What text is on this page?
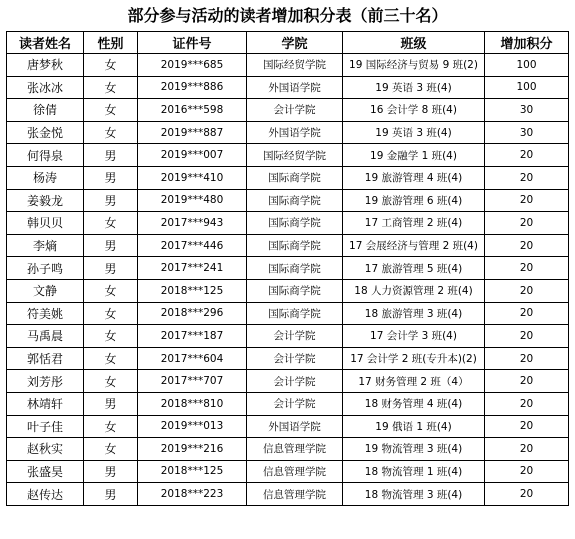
部分参与活动的读者增加积分表（前三十名）
读者姓名	性别	证件号	学院	班级	增加积分
唐梦秋	女	2019***685	国际经贸学院	19 国际经济与贸易 9 班(2)	100
张冰冰	女	2019***886	外国语学院	19 英语 3 班(4)	100
徐倩	女	2016***598	会计学院	16 会计学 8 班(4)	30
张金悦	女	2019***887	外国语学院	19 英语 3 班(4)	30
何得泉	男	2019***007	国际经贸学院	19 金融学 1 班(4)	20
杨涛	男	2019***410	国际商学院	19 旅游管理 4 班(4)	20
姜毅龙	男	2019***480	国际商学院	19 旅游管理 6 班(4)	20
韩贝贝	女	2017***943	国际商学院	17 工商管理 2 班(4)	20
李熵	男	2017***446	国际商学院	17 会展经济与管理 2 班(4)	20
孙子鸣	男	2017***241	国际商学院	17 旅游管理 5 班(4)	20
文静	女	2018***125	国际商学院	18 人力资源管理 2 班(4)	20
符美姚	女	2018***296	国际商学院	18 旅游管理 3 班(4)	20
马禹晨	女	2017***187	会计学院	17 会计学 3 班(4)	20
郭恬君	女	2017***604	会计学院	17 会计学 2 班(专升本)(2)	20
刘芳彤	女	2017***707	会计学院	17 财务管理 2 班（4）	20
林靖轩	男	2018***810	会计学院	18 财务管理 4 班(4)	20
叶子佳	女	2019***013	外国语学院	19 俄语 1 班(4)	20
赵秋实	女	2019***216	信息管理学院	19 物流管理 3 班(4)	20
张盛昊	男	2018***125	信息管理学院	18 物流管理 1 班(4)	20
赵传达	男	2018***223	信息管理学院	18 物流管理 3 班(4)	20
